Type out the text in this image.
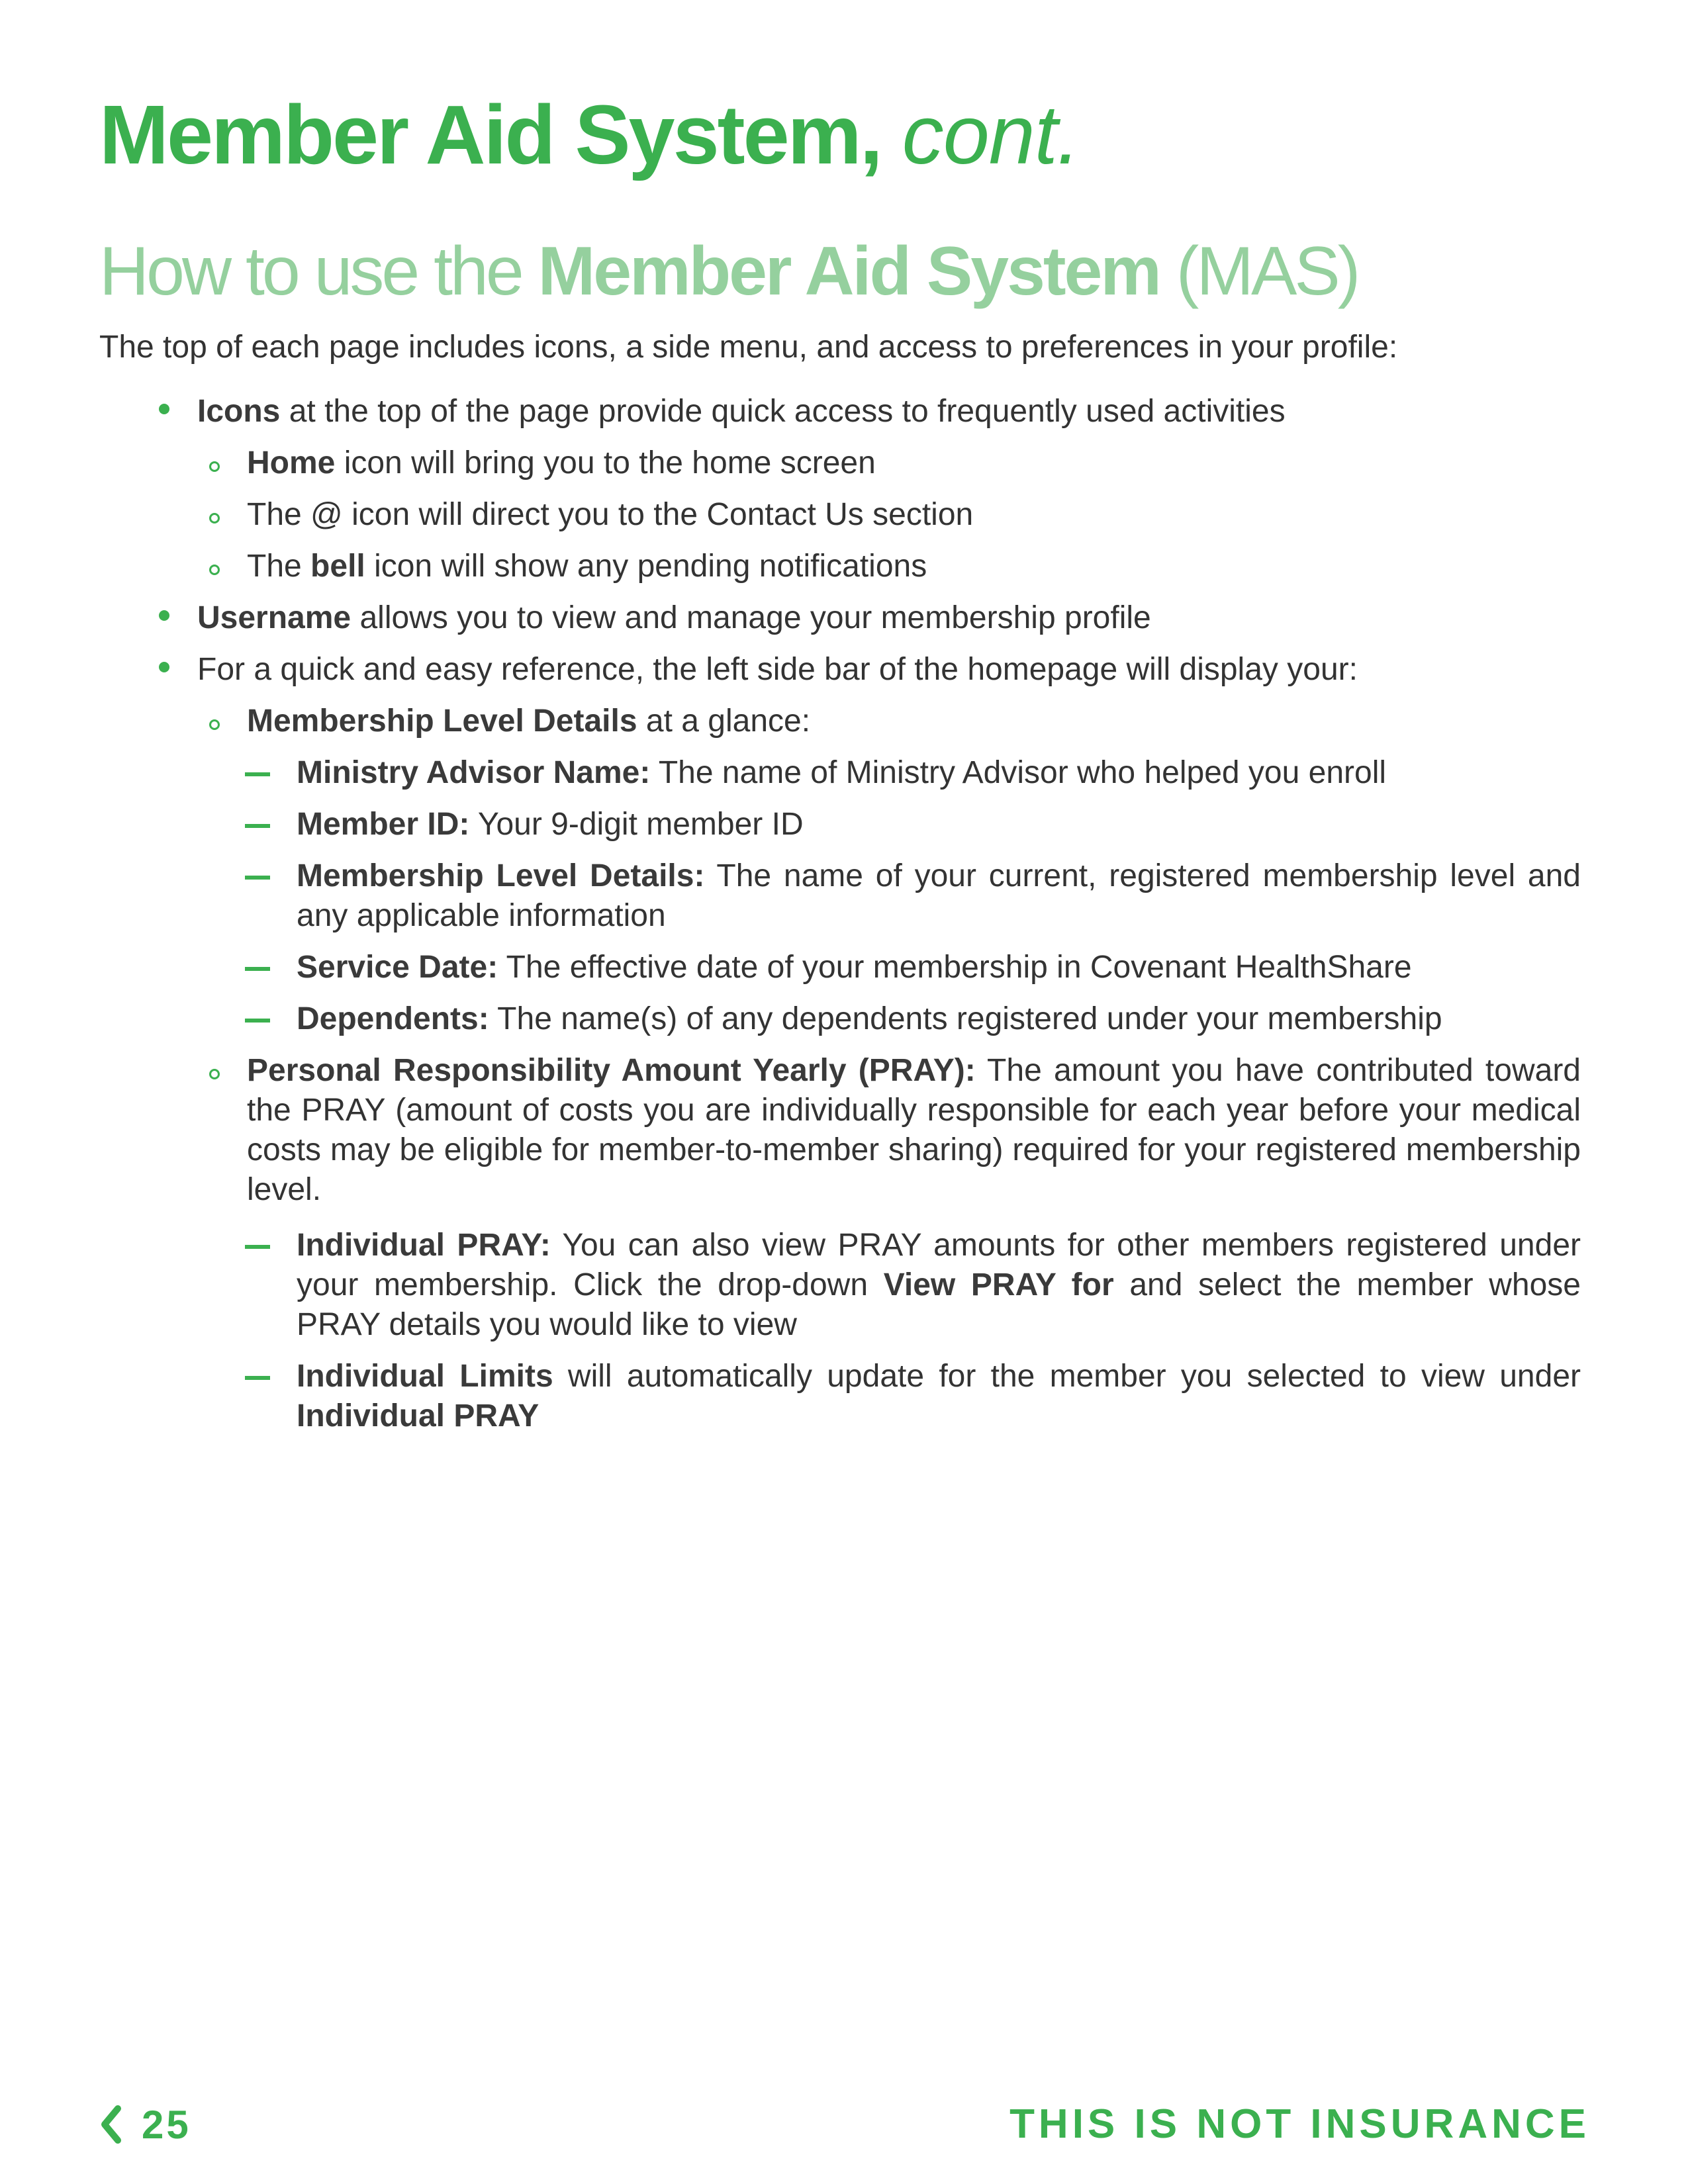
Member Aid System, cont.
How to use the Member Aid System (MAS)

The top of each page includes icons, a side menu, and access to preferences in your profile:

Icons at the top of the page provide quick access to frequently used activities

Home icon will bring you to the home screen

The @ icon will direct you to the Contact Us section

The bell icon will show any pending notifications

Username allows you to view and manage your membership profile

For a quick and easy reference, the left side bar of the homepage will display your:

Membership Level Details at a glance:

Ministry Advisor Name: The name of Ministry Advisor who helped you enroll

Member ID: Your 9-digit member ID

Membership Level Details: The name of your current, registered membership level and any applicable information

Service Date: The effective date of your membership in Covenant HealthShare

Dependents: The name(s) of any dependents registered under your membership

Personal Responsibility Amount Yearly (PRAY): The amount you have contributed toward the PRAY (amount of costs you are individually responsible for each year before your medical costs may be eligible for member-to-member sharing) required for your registered membership level.

Individual PRAY: You can also view PRAY amounts for other members registered under your membership. Click the drop-down View PRAY for and select the member whose PRAY details you would like to view

Individual Limits will automatically update for the member you selected to view under Individual PRAY

25	THIS IS NOT INSURANCE
